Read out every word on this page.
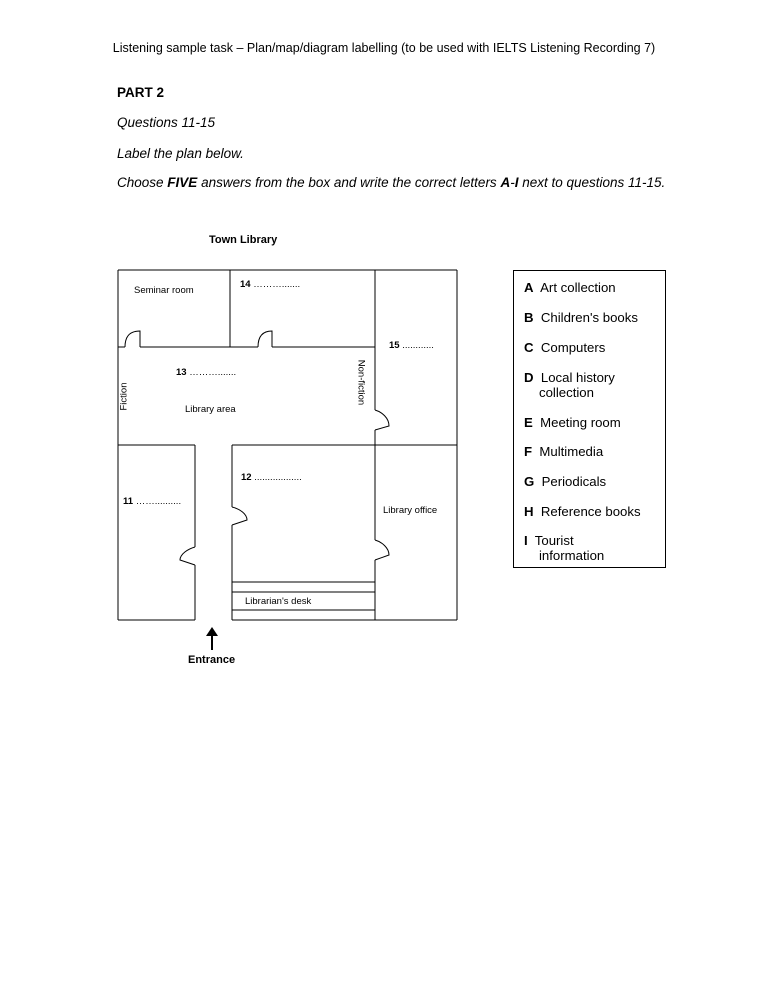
Listening sample task – Plan/map/diagram labelling (to be used with IELTS Listening Recording 7)
PART 2
Questions 11-15
Label the plan below.
Choose FIVE answers from the box and write the correct letters A-I next to questions 11-15.
Town Library
Seminar room
14 ……….......
15 ............
13 ……….......
Fiction	Non-fiction
Library area
12 ..................
11 ……..........
Library office
Librarian's desk
Entrance
A Art collection
B Children's books
C Computers
D Local history
collection
E Meeting room
F Multimedia
G Periodicals
H Reference books
I Tourist
information
